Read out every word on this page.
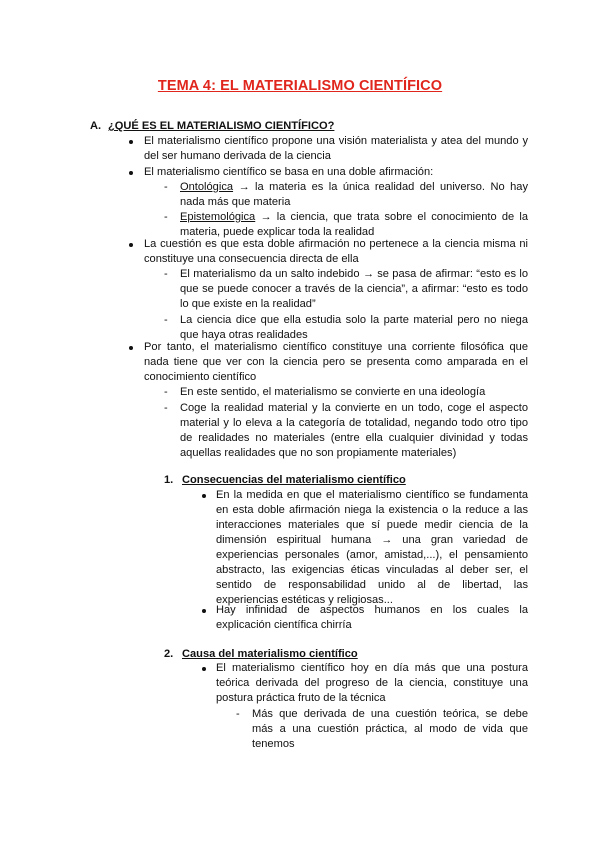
TEMA 4: EL MATERIALISMO CIENTÍFICO
A. ¿QUÉ ES EL MATERIALISMO CIENTÍFICO?
El materialismo científico propone una visión materialista y atea del mundo y
del ser humano derivada de la ciencia
El materialismo científico se basa en una doble afirmación:
- Ontológica → la materia es la única realidad del universo. No hay
nada más que materia
- Epistemológica → la ciencia, que trata sobre el conocimiento de la
materia, puede explicar toda la realidad
La cuestión es que esta doble afirmación no pertenece a la ciencia misma ni
constituye una consecuencia directa de ella
- El materialismo da un salto indebido → se pasa de afirmar: “esto es lo
que se puede conocer a través de la ciencia”, a afirmar: “esto es todo
lo que existe en la realidad”
- La ciencia dice que ella estudia solo la parte material pero no niega
que haya otras realidades
Por tanto, el materialismo científico constituye una corriente filosófica que
nada tiene que ver con la ciencia pero se presenta como amparada en el
conocimiento científico
- En este sentido, el materialismo se convierte en una ideología
- Coge la realidad material y la convierte en un todo, coge el aspecto
material y lo eleva a la categoría de totalidad, negando todo otro tipo
de realidades no materiales (entre ella cualquier divinidad y todas
aquellas realidades que no son propiamente materiales)
1. Consecuencias del materialismo científico
En la medida en que el materialismo científico se fundamenta
en esta doble afirmación niega la existencia o la reduce a las
interacciones materiales que sí puede medir ciencia de la
dimensión espiritual humana → una gran variedad de
experiencias personales (amor, amistad,...), el pensamiento
abstracto, las exigencias éticas vinculadas al deber ser, el
sentido de responsabilidad unido al de libertad, las
experiencias estéticas y religiosas...
Hay infinidad de aspectos humanos en los cuales la
explicación científica chirría
2. Causa del materialismo científico
El materialismo científico hoy en día más que una postura
teórica derivada del progreso de la ciencia, constituye una
postura práctica fruto de la técnica
- Más que derivada de una cuestión teórica, se debe
más a una cuestión práctica, al modo de vida que
tenemos
